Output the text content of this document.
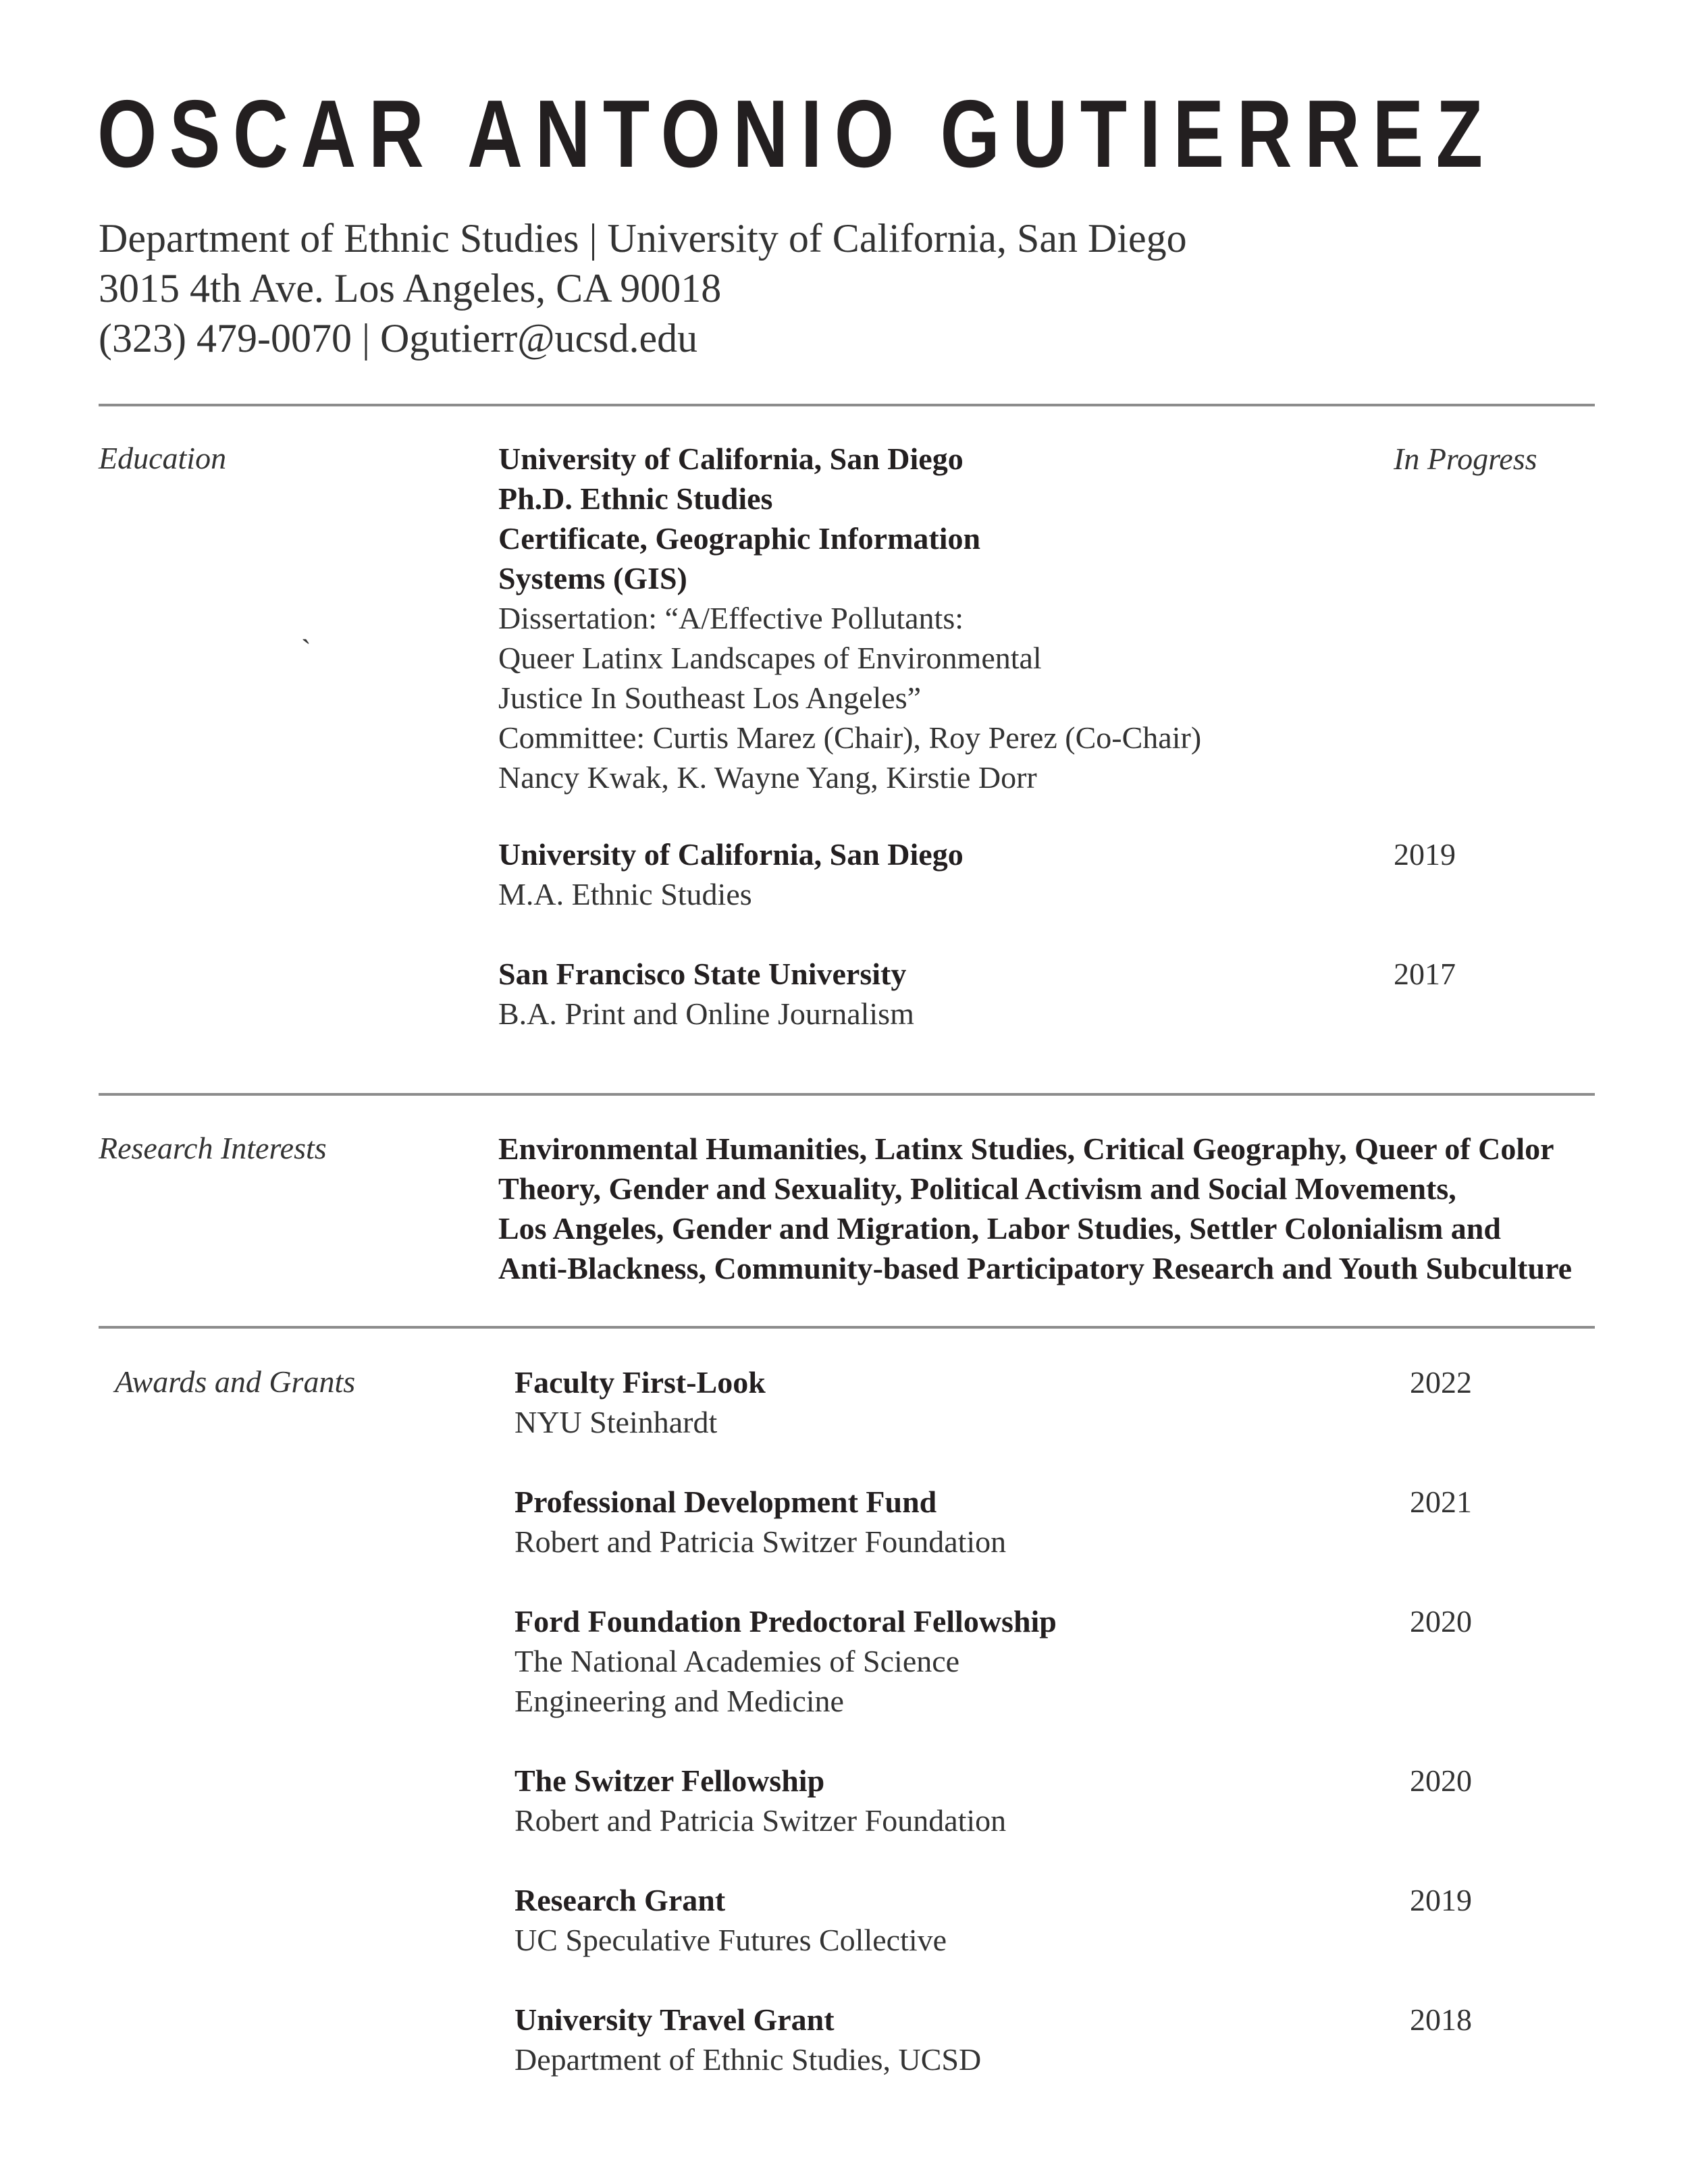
OSCAR ANTONIO GUTIERREZ
Department of Ethnic Studies | University of California, San Diego
3015 4th Ave. Los Angeles, CA 90018
(323) 479-0070 | Ogutierr@ucsd.edu
Education
`
University of California, San Diego
Ph.D. Ethnic Studies
Certificate, Geographic Information
Systems (GIS)
Dissertation: “A/Effective Pollutants:
Queer Latinx Landscapes of Environmental
Justice In Southeast Los Angeles”
Committee: Curtis Marez (Chair), Roy Perez (Co-Chair)
Nancy Kwak, K. Wayne Yang, Kirstie Dorr
In Progress
University of California, San Diego
M.A. Ethnic Studies
2019
San Francisco State University
B.A. Print and Online Journalism
2017
Research Interests	Environmental Humanities, Latinx Studies, Critical Geography, Queer of Color
Theory, Gender and Sexuality, Political Activism and Social Movements,
Los Angeles, Gender and Migration, Labor Studies, Settler Colonialism and
Anti-Blackness, Community-based Participatory Research and Youth Subculture
Awards and Grants	Faculty First-Look
NYU Steinhardt
2022
Professional Development Fund
Robert and Patricia Switzer Foundation
2021
Ford Foundation Predoctoral Fellowship
The National Academies of Science
Engineering and Medicine
2020
The Switzer Fellowship
Robert and Patricia Switzer Foundation
2020
Research Grant
UC Speculative Futures Collective
2019
University Travel Grant
Department of Ethnic Studies, UCSD
2018
